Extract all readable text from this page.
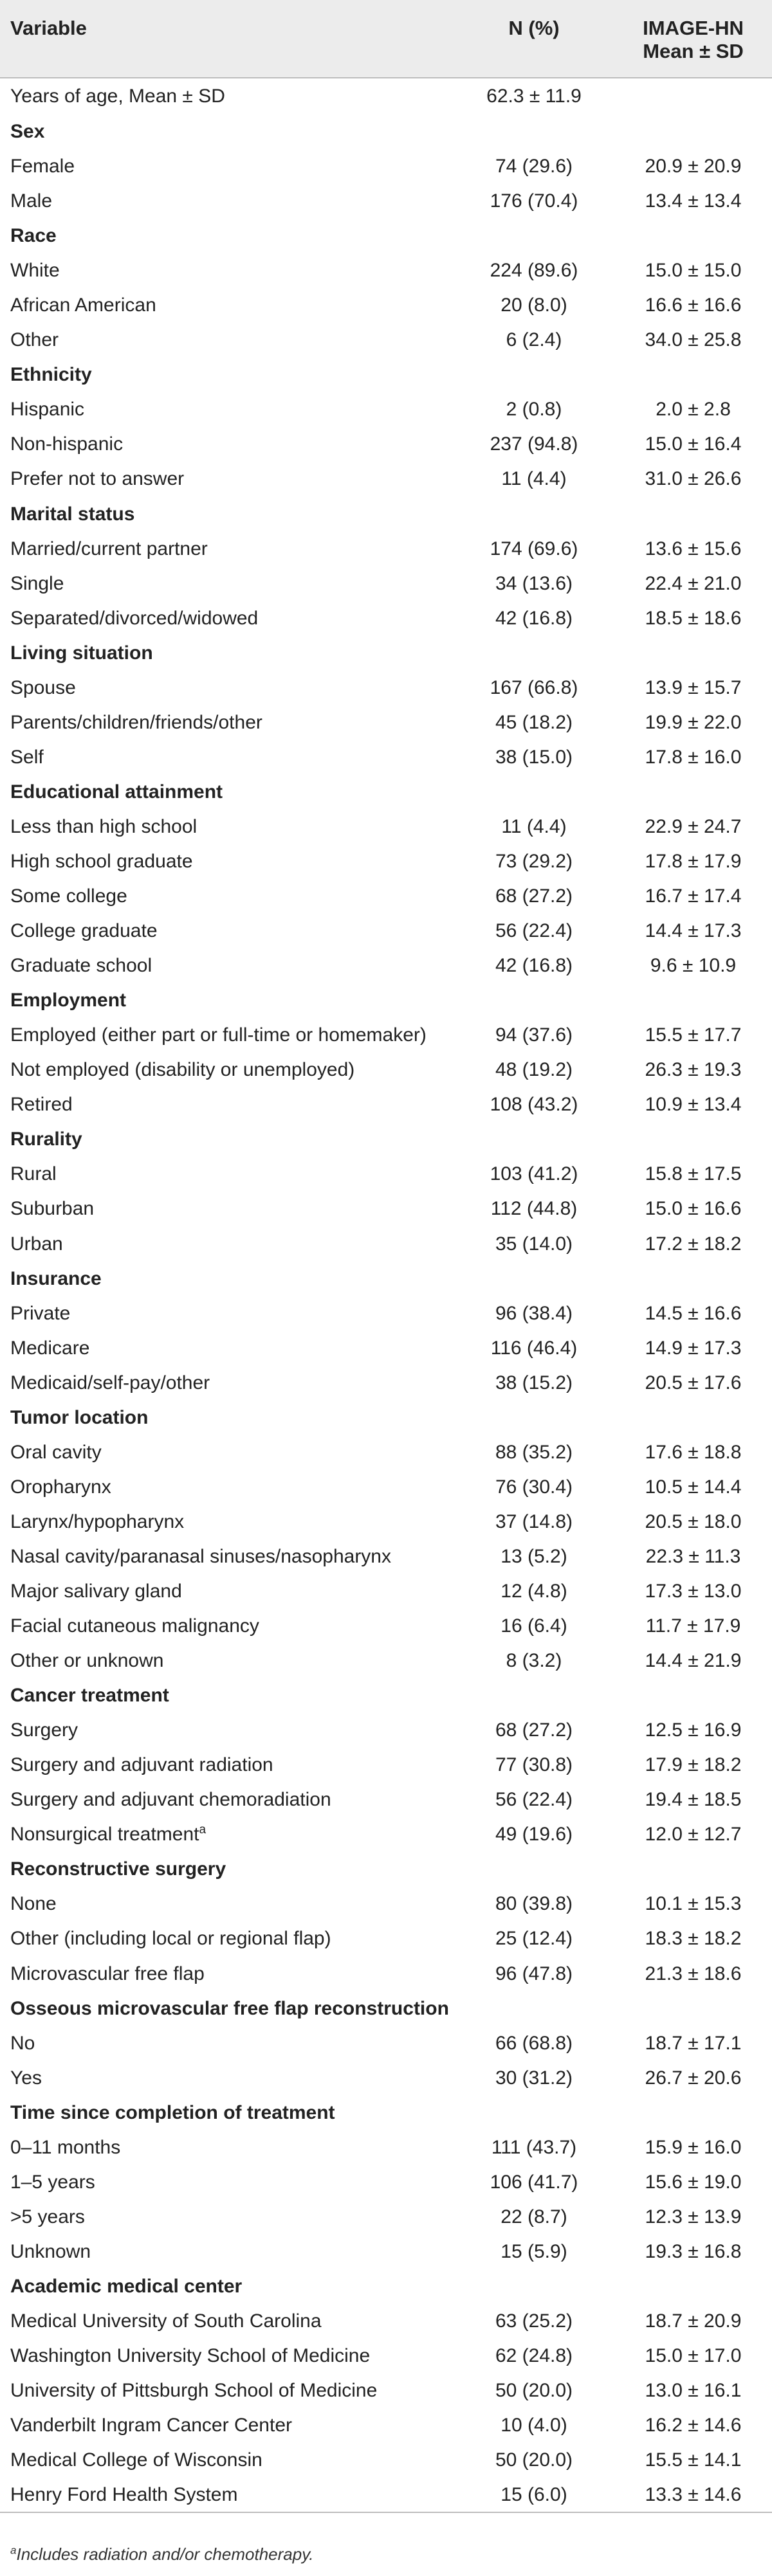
Variable	N (%)	IMAGE-HN
Mean ± SD

Years of age, Mean ± SD	62.3 ± 11.9	
Sex		
Female	74 (29.6)	20.9 ± 20.9
Male	176 (70.4)	13.4 ± 13.4
Race		
White	224 (89.6)	15.0 ± 15.0
African American	20 (8.0)	16.6 ± 16.6
Other	6 (2.4)	34.0 ± 25.8
Ethnicity		
Hispanic	2 (0.8)	2.0 ± 2.8
Non-hispanic	237 (94.8)	15.0 ± 16.4
Prefer not to answer	11 (4.4)	31.0 ± 26.6
Marital status		
Married/current partner	174 (69.6)	13.6 ± 15.6
Single	34 (13.6)	22.4 ± 21.0
Separated/divorced/widowed	42 (16.8)	18.5 ± 18.6
Living situation		
Spouse	167 (66.8)	13.9 ± 15.7
Parents/children/friends/other	45 (18.2)	19.9 ± 22.0
Self	38 (15.0)	17.8 ± 16.0
Educational attainment		
Less than high school	11 (4.4)	22.9 ± 24.7
High school graduate	73 (29.2)	17.8 ± 17.9
Some college	68 (27.2)	16.7 ± 17.4
College graduate	56 (22.4)	14.4 ± 17.3
Graduate school	42 (16.8)	9.6 ± 10.9
Employment		
Employed (either part or full-time or homemaker)	94 (37.6)	15.5 ± 17.7
Not employed (disability or unemployed)	48 (19.2)	26.3 ± 19.3
Retired	108 (43.2)	10.9 ± 13.4
Rurality		
Rural	103 (41.2)	15.8 ± 17.5
Suburban	112 (44.8)	15.0 ± 16.6
Urban	35 (14.0)	17.2 ± 18.2
Insurance		
Private	96 (38.4)	14.5 ± 16.6
Medicare	116 (46.4)	14.9 ± 17.3
Medicaid/self-pay/other	38 (15.2)	20.5 ± 17.6
Tumor location		
Oral cavity	88 (35.2)	17.6 ± 18.8
Oropharynx	76 (30.4)	10.5 ± 14.4
Larynx/hypopharynx	37 (14.8)	20.5 ± 18.0
Nasal cavity/paranasal sinuses/nasopharynx	13 (5.2)	22.3 ± 11.3
Major salivary gland	12 (4.8)	17.3 ± 13.0
Facial cutaneous malignancy	16 (6.4)	11.7 ± 17.9
Other or unknown	8 (3.2)	14.4 ± 21.9
Cancer treatment		
Surgery	68 (27.2)	12.5 ± 16.9
Surgery and adjuvant radiation	77 (30.8)	17.9 ± 18.2
Surgery and adjuvant chemoradiation	56 (22.4)	19.4 ± 18.5
Nonsurgical treatment$^a$	49 (19.6)	12.0 ± 12.7
Reconstructive surgery		
None	80 (39.8)	10.1 ± 15.3
Other (including local or regional flap)	25 (12.4)	18.3 ± 18.2
Microvascular free flap	96 (47.8)	21.3 ± 18.6
Osseous microvascular free flap reconstruction		
No	66 (68.8)	18.7 ± 17.1
Yes	30 (31.2)	26.7 ± 20.6
Time since completion of treatment		
0–11 months	111 (43.7)	15.9 ± 16.0
1–5 years	106 (41.7)	15.6 ± 19.0
>5 years	22 (8.7)	12.3 ± 13.9
Unknown	15 (5.9)	19.3 ± 16.8
Academic medical center		
Medical University of South Carolina	63 (25.2)	18.7 ± 20.9
Washington University School of Medicine	62 (24.8)	15.0 ± 17.0
University of Pittsburgh School of Medicine	50 (20.0)	13.0 ± 16.1
Vanderbilt Ingram Cancer Center	10 (4.0)	16.2 ± 14.6
Medical College of Wisconsin	50 (20.0)	15.5 ± 14.1
Henry Ford Health System	15 (6.0)	13.3 ± 14.6
$^a$Includes radiation and/or chemotherapy.
